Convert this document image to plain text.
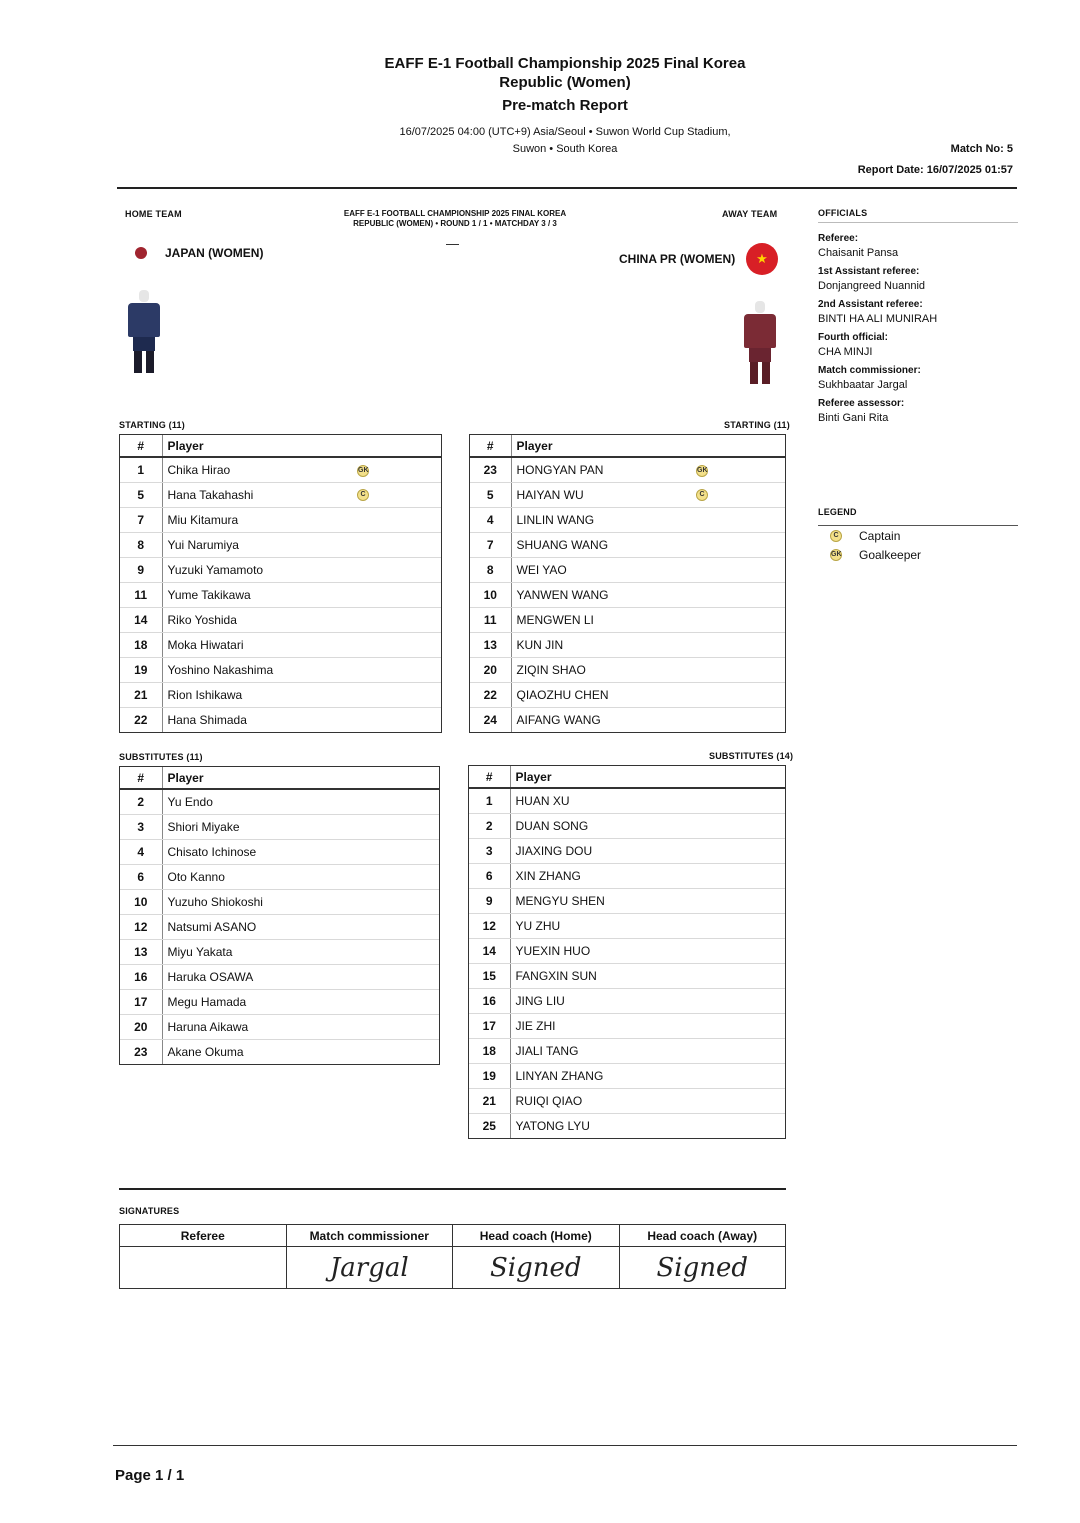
EAFF E-1 Football Championship 2025 Final Korea
Republic (Women)
Pre-match Report
16/07/2025 04:00 (UTC+9) Asia/Seoul • Suwon World Cup Stadium,
Suwon • South Korea	Match No: 5
Report Date: 16/07/2025 01:57
HOME TEAM	AWAY TEAM
EAFF E-1 FOOTBALL CHAMPIONSHIP 2025 FINAL KOREA
REPUBLIC (WOMEN) • ROUND 1 / 1 • MATCHDAY 3 / 3
—
JAPAN (WOMEN)	CHINA PR (WOMEN)	★
STARTING (11)
#	Player	
1	Chika Hirao	GK
5	Hana Takahashi	C
7	Miu Kitamura	
8	Yui Narumiya	
9	Yuzuki Yamamoto	
11	Yume Takikawa	
14	Riko Yoshida	
18	Moka Hiwatari	
19	Yoshino Nakashima	
21	Rion Ishikawa	
22	Hana Shimada	
STARTING (11)
#	Player	
23	HONGYAN PAN	GK
5	HAIYAN WU	C
4	LINLIN WANG	
7	SHUANG WANG	
8	WEI YAO	
10	YANWEN WANG	
11	MENGWEN LI	
13	KUN JIN	
20	ZIQIN SHAO	
22	QIAOZHU CHEN	
24	AIFANG WANG	
SUBSTITUTES (11)
#	Player
2	Yu Endo
3	Shiori Miyake
4	Chisato Ichinose
6	Oto Kanno
10	Yuzuho Shiokoshi
12	Natsumi ASANO
13	Miyu Yakata
16	Haruka OSAWA
17	Megu Hamada
20	Haruna Aikawa
23	Akane Okuma
SUBSTITUTES (14)
#	Player
1	HUAN XU
2	DUAN SONG
3	JIAXING DOU
6	XIN ZHANG
9	MENGYU SHEN
12	YU ZHU
14	YUEXIN HUO
15	FANGXIN SUN
16	JING LIU
17	JIE ZHI
18	JIALI TANG
19	LINYAN ZHANG
21	RUIQI QIAO
25	YATONG LYU
OFFICIALS
Referee:
Chaisanit Pansa
1st Assistant referee:
Donjangreed Nuannid
2nd Assistant referee:
BINTI HA ALI MUNIRAH
Fourth official:
CHA MINJI
Match commissioner:
Sukhbaatar Jargal
Referee assessor:
Binti Gani Rita
LEGEND
C Captain
GK Goalkeeper
SIGNATURES
Referee	Match commissioner	Head coach (Home)	Head coach (Away)
	Jargal	Signed	Signed
Page 1 / 1
